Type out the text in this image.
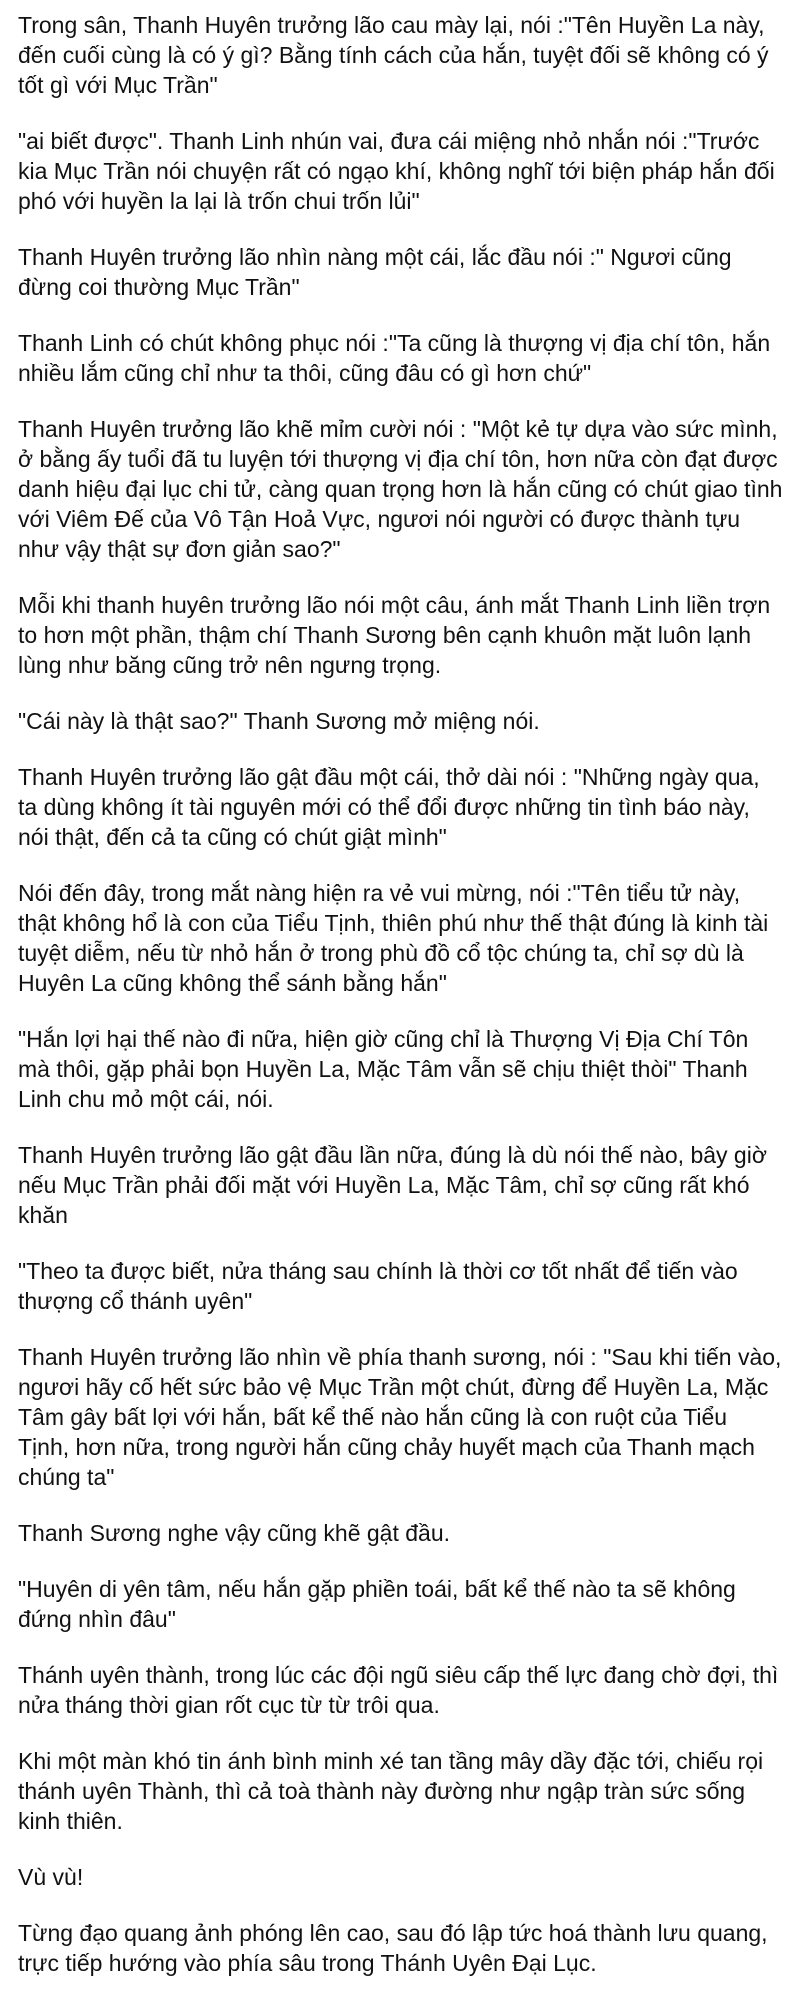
Trong sân, Thanh Huyên trưởng lão cau mày lại, nói :"Tên Huyền La này, đến cuối cùng là có ý gì? Bằng tính cách của hắn, tuyệt đối sẽ không có ý tốt gì với Mục Trần"

"ai biết được". Thanh Linh nhún vai, đưa cái miệng nhỏ nhắn nói :"Trước kia Mục Trần nói chuyện rất có ngạo khí, không nghĩ tới biện pháp hắn đối phó với huyền la lại là trốn chui trốn lủi"

Thanh Huyên trưởng lão nhìn nàng một cái, lắc đầu nói :" Ngươi cũng đừng coi thường Mục Trần"

Thanh Linh có chút không phục nói :"Ta cũng là thượng vị địa chí tôn, hắn nhiều lắm cũng chỉ như ta thôi, cũng đâu có gì hơn chứ"

Thanh Huyên trưởng lão khẽ mỉm cười nói : "Một kẻ tự dựa vào sức mình, ở bằng ấy tuổi đã tu luyện tới thượng vị địa chí tôn, hơn nữa còn đạt được danh hiệu đại lục chi tử, càng quan trọng hơn là hắn cũng có chút giao tình với Viêm Đế của Vô Tận Hoả Vực, ngươi nói người có được thành tựu như vậy thật sự đơn giản sao?"

Mỗi khi thanh huyên trưởng lão nói một câu, ánh mắt Thanh Linh liền trợn to hơn một phần, thậm chí Thanh Sương bên cạnh khuôn mặt luôn lạnh lùng như băng cũng trở nên ngưng trọng.

"Cái này là thật sao?" Thanh Sương mở miệng nói.

Thanh Huyên trưởng lão gật đầu một cái, thở dài nói : "Những ngày qua, ta dùng không ít tài nguyên mới có thể đổi được những tin tình báo này, nói thật, đến cả ta cũng có chút giật mình"

Nói đến đây, trong mắt nàng hiện ra vẻ vui mừng, nói :"Tên tiểu tử này, thật không hổ là con của Tiểu Tịnh, thiên phú như thế thật đúng là kinh tài tuyệt diễm, nếu từ nhỏ hắn ở trong phù đồ cổ tộc chúng ta, chỉ sợ dù là Huyên La cũng không thể sánh bằng hắn"

"Hắn lợi hại thế nào đi nữa, hiện giờ cũng chỉ là Thượng Vị Địa Chí Tôn mà thôi, gặp phải bọn Huyền La, Mặc Tâm vẫn sẽ chịu thiệt thòi" Thanh Linh chu mỏ một cái, nói.

Thanh Huyên trưởng lão gật đầu lần nữa, đúng là dù nói thế nào, bây giờ nếu Mục Trần phải đối mặt với Huyền La, Mặc Tâm, chỉ sợ cũng rất khó khăn

"Theo ta được biết, nửa tháng sau chính là thời cơ tốt nhất để tiến vào thượng cổ thánh uyên"

Thanh Huyên trưởng lão nhìn về phía thanh sương, nói : "Sau khi tiến vào, ngươi hãy cố hết sức bảo vệ Mục Trần một chút, đừng để Huyền La, Mặc Tâm gây bất lợi với hắn, bất kể thế nào hắn cũng là con ruột của Tiểu Tịnh, hơn nữa, trong người hắn cũng chảy huyết mạch của Thanh mạch chúng ta"

Thanh Sương nghe vậy cũng khẽ gật đầu.

"Huyên di yên tâm, nếu hắn gặp phiền toái, bất kể thế nào ta sẽ không đứng nhìn đâu"

Thánh uyên thành, trong lúc các đội ngũ siêu cấp thế lực đang chờ đợi, thì nửa tháng thời gian rốt cục từ từ trôi qua.

Khi một màn khó tin ánh bình minh xé tan tầng mây dầy đặc tới, chiếu rọi thánh uyên Thành, thì cả toà thành này đường như ngập tràn sức sống kinh thiên.

Vù vù!

Từng đạo quang ảnh phóng lên cao, sau đó lập tức hoá thành lưu quang, trực tiếp hướng vào phía sâu trong Thánh Uyên Đại Lục.
